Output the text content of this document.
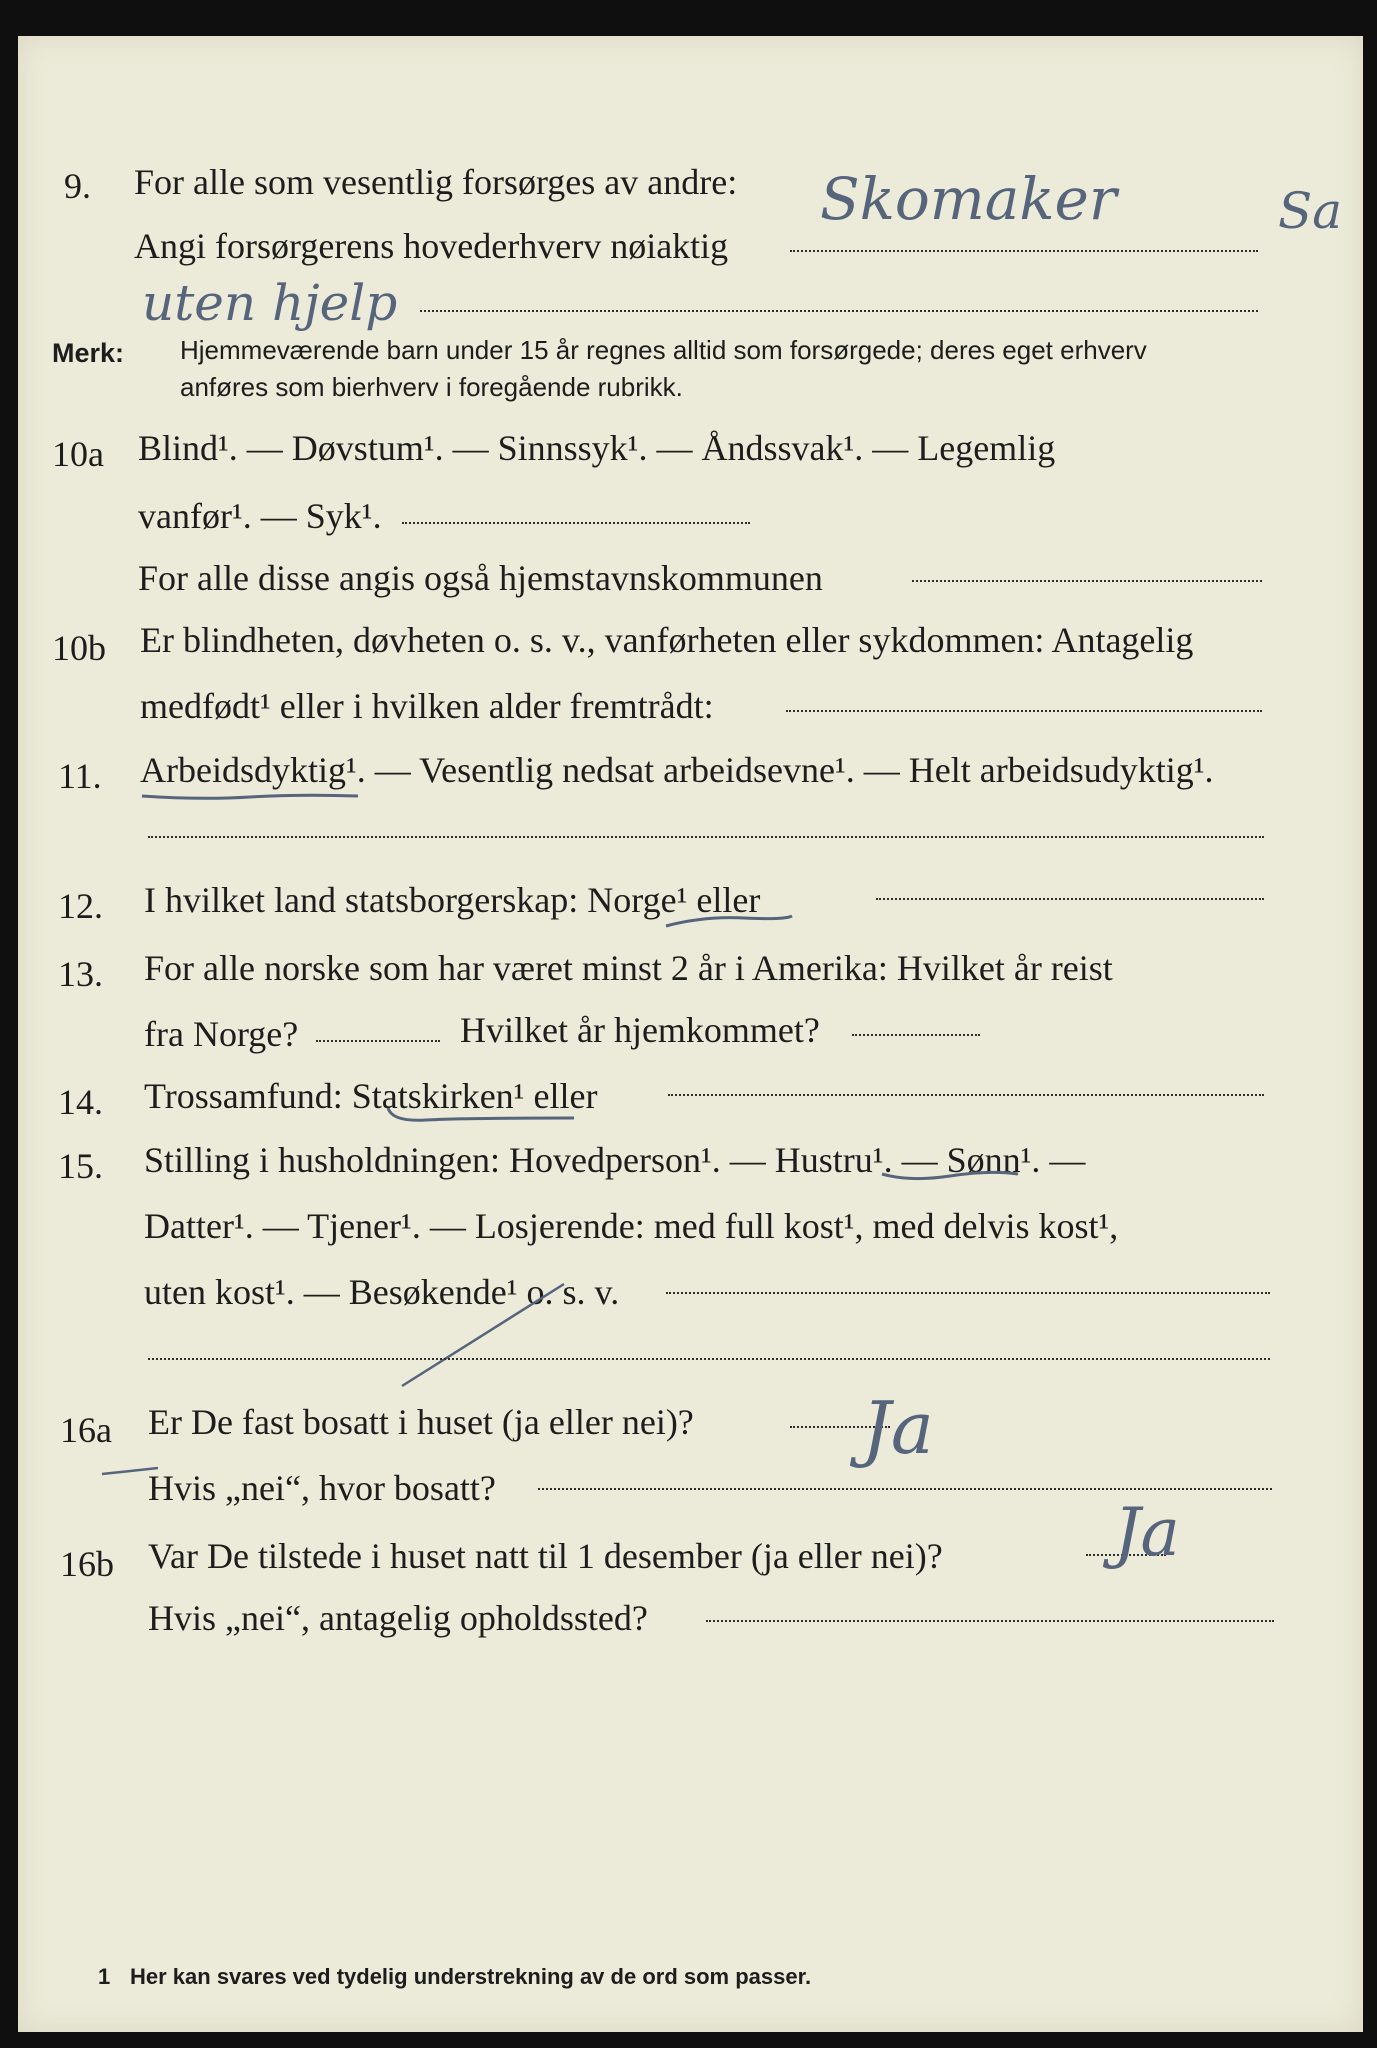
9. For alle som vesentlig forsørges av andre: Skomaker	Sa
Angi forsørgerens hovederhverv nøiaktig
uten hjelp
Merk: Hjemmeværende barn under 15 år regnes alltid som forsørgede; deres eget erhverv
anføres som bierhverv i foregående rubrikk.
10a Blind¹. — Døvstum¹. — Sinnssyk¹. — Åndssvak¹. — Legemlig
vanfør¹. — Syk¹.
For alle disse angis også hjemstavnskommunen
10b Er blindheten, døvheten o. s. v., vanførheten eller sykdommen: Antagelig
medfødt¹ eller i hvilken alder fremtrådt:
11. Arbeidsdyktig¹. — Vesentlig nedsat arbeidsevne¹. — Helt arbeidsudyktig¹.
12. I hvilket land statsborgerskap: Norge¹ eller
13. For alle norske som har været minst 2 år i Amerika: Hvilket år reist
fra Norge?	Hvilket år hjemkommet?
14. Trossamfund: Statskirken¹ eller
15. Stilling i husholdningen: Hovedperson¹. — Hustru¹. — Sønn¹. —
Datter¹. — Tjener¹. — Losjerende: med full kost¹, med delvis kost¹,
uten kost¹. — Besøkende¹ o. s. v.
16a Er De fast bosatt i huset (ja eller nei)? Ja
Hvis „nei“, hvor bosatt?
16b Var De tilstede i huset natt til 1 desember (ja eller nei)?	Ja
Hvis „nei“, antagelig opholdssted?
1 Her kan svares ved tydelig understrekning av de ord som passer.
